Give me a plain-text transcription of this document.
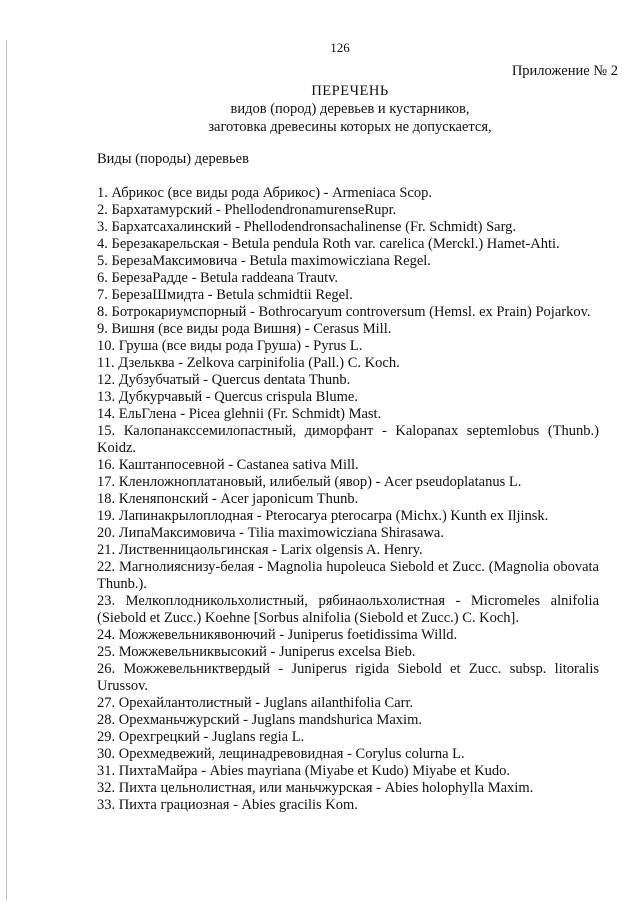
126
Приложение № 2
ПЕРЕЧЕНЬ
видов (пород) деревьев и кустарников,
заготовка древесины которых не допускается,
Виды (породы) деревьев
1. Абрикос (все виды рода Абрикос) - Armeniaca Scop.
2. Бархатамурский - PhellodendronamurenseRupr.
3. Бархатсахалинский - Phellodendronsachalinense (Fr. Schmidt) Sarg.
4. Березакарельская - Betula pendula Roth var. carelica (Merckl.) Hamet-Ahti.
5. БерезаМаксимовича - Betula maximowicziana Regel.
6. БерезаРадде - Betula raddeana Trautv.
7. БерезаШмидта - Betula schmidtii Regel.
8. Ботрокариумспорный - Bothrocaryum controversum (Hemsl. ex Prain) Pojarkov.
9. Вишня (все виды рода Вишня) - Cerasus Mill.
10. Груша (все виды рода Груша) - Pyrus L.
11. Дзельква - Zelkova carpinifolia (Pall.) C. Koch.
12. Дубзубчатый - Quercus dentata Thunb.
13. Дубкурчавый - Quercus crispula Blume.
14. ЕльГлена - Picea glehnii (Fr. Schmidt) Mast.
15. Калопанакссемилопастный, диморфант - Kalopanax septemlobus (Thunb.) Koidz.
16. Каштанпосевной - Castanea sativa Mill.
17. Кленложноплатановый, илибелый (явор) - Acer pseudoplatanus L.
18. Кленяпонский - Acer japonicum Thunb.
19. Лапинакрылоплодная - Pterocarya pterocarpa (Michx.) Kunth ex Iljinsk.
20. ЛипаМаксимовича - Tilia maximowicziana Shirasawa.
21. Лиственницаольгинская - Larix olgensis A. Henry.
22. Магнолияснизу-белая - Magnolia hupoleuca Siebold et Zucc. (Magnolia obovata Thunb.).
23. Мелкоплодникольхолистный, рябинаольхолистная - Micromeles alnifolia (Siebold et Zucc.) Koehne [Sorbus alnifolia (Siebold et Zucc.) C. Koch].
24. Можжевельникявонючий - Juniperus foetidissima Willd.
25. Можжевельниквысокий - Juniperus excelsa Bieb.
26. Можжевельниктвердый - Juniperus rigida Siebold et Zucc. subsp. litoralis Urussov.
27. Орехайлантолистный - Juglans ailanthifolia Carr.
28. Орехманьчжурский - Juglans mandshurica Maxim.
29. Орехгрецкий - Juglans regia L.
30. Орехмедвежий, лещинадревовидная - Corylus colurna L.
31. ПихтаМайра - Abies mayriana (Miyabe et Kudo) Miyabe et Kudo.
32. Пихта цельнолистная, или маньчжурская - Abies holophylla Maxim.
33. Пихта грациозная - Abies gracilis Kom.
